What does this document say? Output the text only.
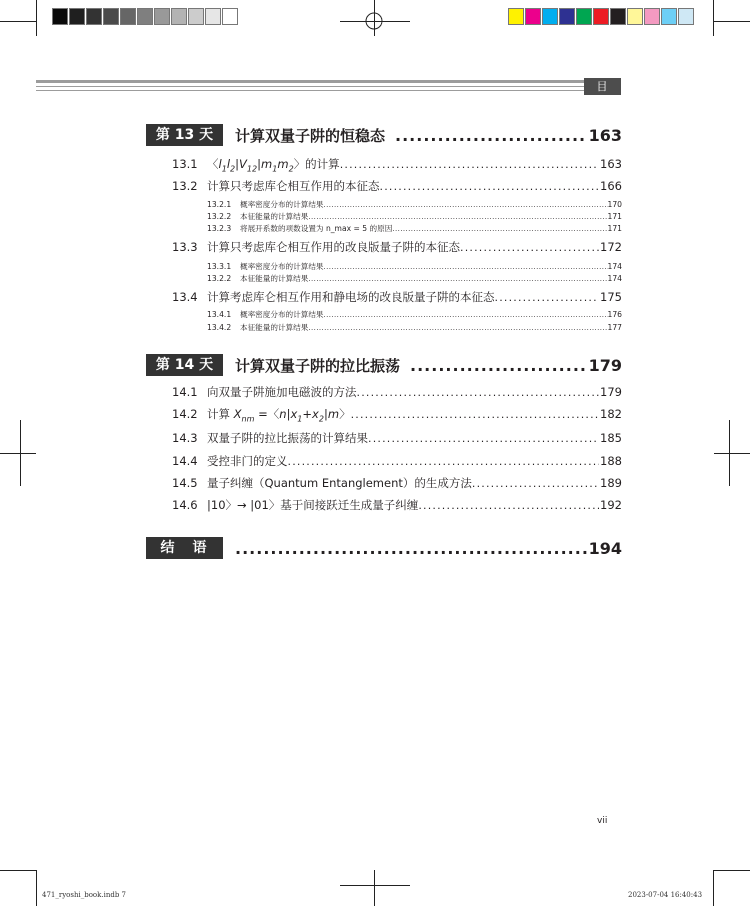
目 录
第 13 天	计算双量子阱的恒稳态 .....	163
13.1 〈$l_1l_2|V_{12}|m_1m_2$〉的计算 .....	163
13.2 计算只考虑库仑相互作用的本征态 .....	166
13.2.1	概率密度分布的计算结果 .....	170
13.2.2	本征能量的计算结果 .....	171
13.2.3	将展开系数的项数设置为 n_max = 5 的原因 .....	171
13.3 计算只考虑库仑相互作用的改良版量子阱的本征态 .....	172
13.3.1	概率密度分布的计算结果 .....	174
13.2.2	本征能量的计算结果 .....	174
13.4 计算考虑库仑相互作用和静电场的改良版量子阱的本征态 .....	175
13.4.1	概率密度分布的计算结果 .....	176
13.4.2	本征能量的计算结果 .....	177
第 14 天	计算双量子阱的拉比振荡 .....	179
14.1 向双量子阱施加电磁波的方法 .....	179
14.2 计算 $X_{nm}$ =〈$n|x_1+x_2|m$〉 .....	182
14.3 双量子阱的拉比振荡的计算结果 .....	185
14.4 受控非门的定义 .....	188
14.5 量子纠缠（Quantum Entanglement）的生成方法 .....	189
14.6 |10〉→ |01〉基于间接跃迁生成量子纠缠 .....	192
结　语 .....	194
vii
471_ryoshi_book.indb 7	2023-07-04 16:40:43
